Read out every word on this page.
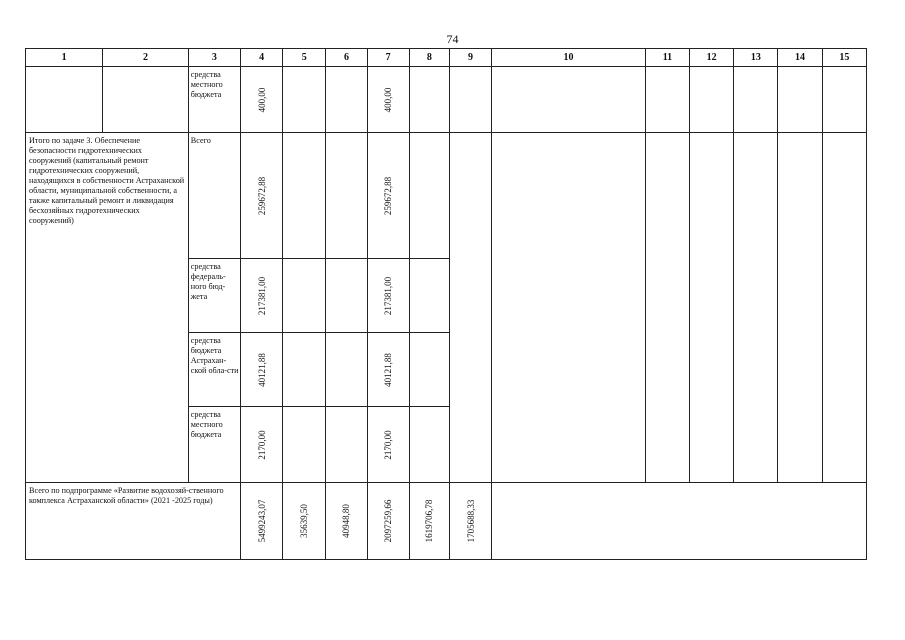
74
1	2	3	4	5	6	7	8	9	10	11	12	13	14	15
		средства местного бюджета	400,00			400,00								

Итого по задаче 3. Обеспечение безопасности гидротехнических сооружений (капитальный ремонт гидротехнических сооружений, находящихся в собственности Астраханской области, муниципальной собственности, а также капитальный ремонт и ликвидация бесхозяйных гидротехнических сооружений)		Всего	259672,88			259672,88								

		средства федераль-ного бюд-жета	217381,00			217381,00								

		средства бюджета Астрахан-ской обла-сти	40121,88			40121,88								

		средства местного бюджета	2170,00			2170,00								

Всего по подпрограмме «Развитие водохозяй-ственного комплекса Астраханской области» (2021 -2025 годы)			5499243,07	35639,50	40948,80	2097259,66	1619706,78	1705688,33						
